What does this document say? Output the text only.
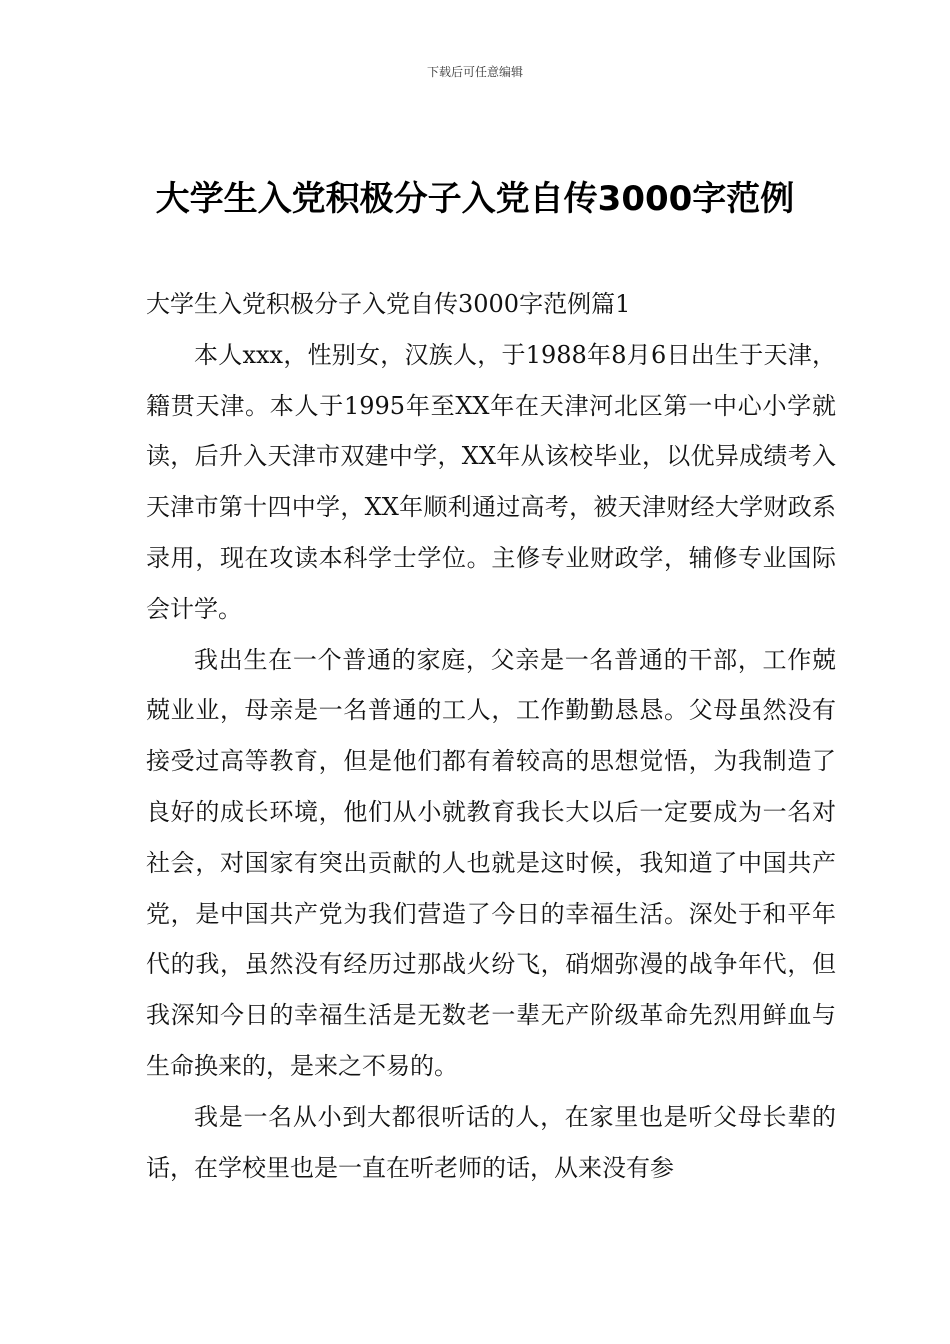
下载后可任意编辑
大学生入党积极分子入党自传3000字范例

大学生入党积极分子入党自传3000字范例篇1

本人xxx，性别女，汉族人，于1988年8月6日出生于天津，籍贯天津。本人于1995年至XX年在天津河北区第一中心小学就读，后升入天津市双建中学，XX年从该校毕业，以优异成绩考入天津市第十四中学，XX年顺利通过高考，被天津财经大学财政系录用，现在攻读本科学士学位。主修专业财政学，辅修专业国际会计学。

我出生在一个普通的家庭，父亲是一名普通的干部，工作兢兢业业，母亲是一名普通的工人，工作勤勤恳恳。父母虽然没有接受过高等教育，但是他们都有着较高的思想觉悟，为我制造了良好的成长环境，他们从小就教育我长大以后一定要成为一名对社会，对国家有突出贡献的人也就是这时候，我知道了中国共产党，是中国共产党为我们营造了今日的幸福生活。深处于和平年代的我，虽然没有经历过那战火纷飞，硝烟弥漫的战争年代，但我深知今日的幸福生活是无数老一辈无产阶级革命先烈用鲜血与生命换来的，是来之不易的。

我是一名从小到大都很听话的人，在家里也是听父母长辈的话，在学校里也是一直在听老师的话，从来没有参
